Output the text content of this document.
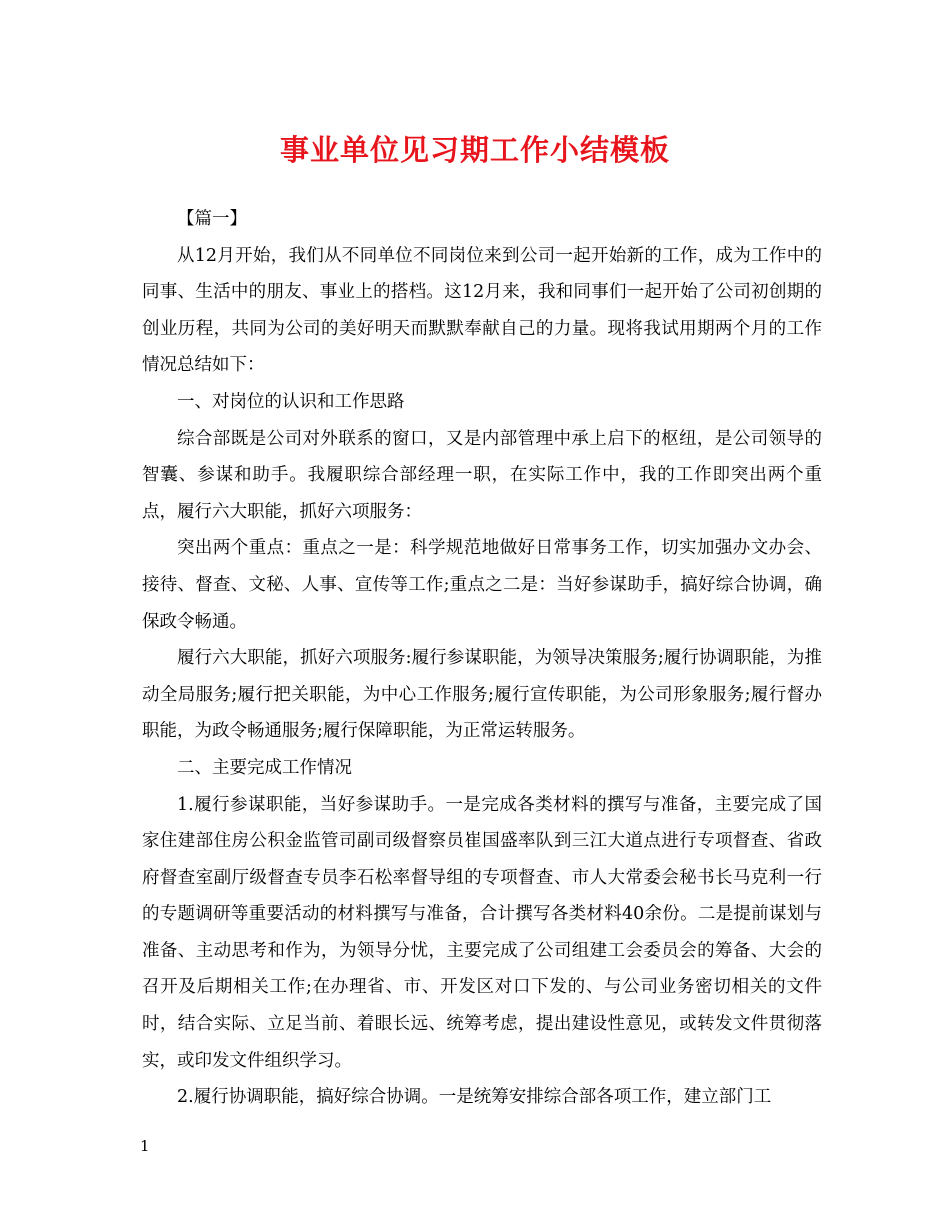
事业单位见习期工作小结模板

【篇一】

从12月开始，我们从不同单位不同岗位来到公司一起开始新的工作，成为工作中的同事、生活中的朋友、事业上的搭档。这12月来，我和同事们一起开始了公司初创期的创业历程，共同为公司的美好明天而默默奉献自己的力量。现将我试用期两个月的工作情况总结如下：

一、对岗位的认识和工作思路

综合部既是公司对外联系的窗口，又是内部管理中承上启下的枢纽，是公司领导的智囊、参谋和助手。我履职综合部经理一职，在实际工作中，我的工作即突出两个重点，履行六大职能，抓好六项服务：

突出两个重点：重点之一是：科学规范地做好日常事务工作，切实加强办文办会、接待、督查、文秘、人事、宣传等工作;重点之二是：当好参谋助手，搞好综合协调，确保政令畅通。

履行六大职能，抓好六项服务:履行参谋职能，为领导决策服务;履行协调职能，为推动全局服务;履行把关职能，为中心工作服务;履行宣传职能，为公司形象服务;履行督办职能，为政令畅通服务;履行保障职能，为正常运转服务。

二、主要完成工作情况

1.履行参谋职能，当好参谋助手。一是完成各类材料的撰写与准备，主要完成了国家住建部住房公积金监管司副司级督察员崔国盛率队到三江大道点进行专项督查、省政府督查室副厅级督查专员李石松率督导组的专项督查、市人大常委会秘书长马克利一行的专题调研等重要活动的材料撰写与准备，合计撰写各类材料40余份。二是提前谋划与准备、主动思考和作为，为领导分忧，主要完成了公司组建工会委员会的筹备、大会的召开及后期相关工作;在办理省、市、开发区对口下发的、与公司业务密切相关的文件时，结合实际、立足当前、着眼长远、统筹考虑，提出建设性意见，或转发文件贯彻落实，或印发文件组织学习。

2.履行协调职能，搞好综合协调。一是统筹安排综合部各项工作，建立部门工

1
